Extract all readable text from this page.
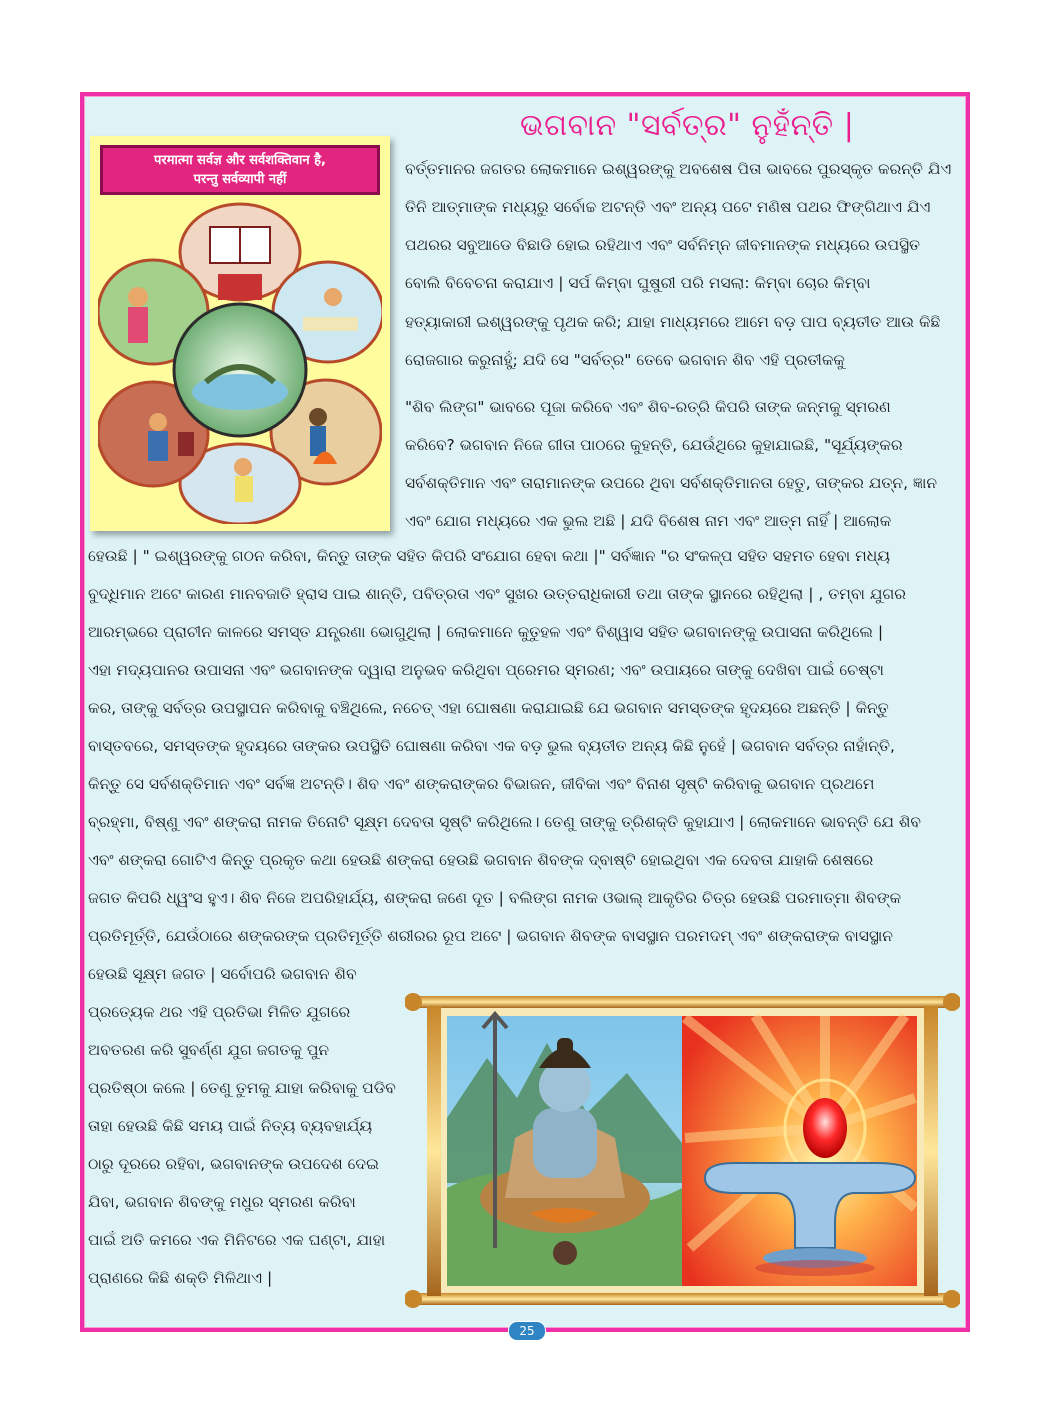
ଭଗବାନ "ସର୍ବତ୍ର" ନୁହଁନ୍ତି |
परमात्मा सर्वज्ञ और सर्वशक्तिवान है,
परन्तु सर्वव्यापी नहीं
ବର୍ତ୍ତମାନର ଜଗତର ଲୋକମାନେ ଇଶ୍ୱରଙ୍କୁ ଅବଶେଷ ପିତା ଭାବରେ ପୁରସ୍କୃତ କରନ୍ତି ଯିଏ
ତିନି ଆତ୍ମାଙ୍କ ମଧ୍ୟରୁ ସର୍ବୋଚ୍ଚ ଅଟନ୍ତି ଏବଂ ଅନ୍ୟ ପଟେ ମଣିଷ ପଥର ଫିଙ୍ଗିଥାଏ ଯିଏ
ପଥରର ସବୁଆଡେ ବିଛାଡି ହୋଇ ରହିଥାଏ ଏବଂ ସର୍ବନିମ୍ନ ଜୀବମାନଙ୍କ ମଧ୍ୟରେ ଉପସ୍ଥିତ
ବୋଲି ବିବେଚନା କରାଯାଏ | ସର୍ପ କିମ୍ବା ଘୁଷୁରୀ ପରି ମସଲା: କିମ୍ବା ଚୋର କିମ୍ବା
ହତ୍ୟାକାରୀ ଇଶ୍ୱରଙ୍କୁ ପୃଥକ କରି; ଯାହା ମାଧ୍ୟମରେ ଆମେ ବଡ଼ ପାପ ବ୍ୟତୀତ ଆଉ କିଛି
ରୋଜଗାର କରୁନାହୁଁ; ଯଦି ସେ "ସର୍ବତ୍ର" ତେବେ ଭଗବାନ ଶିବ ଏହି ପ୍ରତୀକକୁ
"ଶିବ ଲିଙ୍ଗ" ଭାବରେ ପୂଜା କରିବେ ଏବଂ ଶିବ-ରତ୍ରି କିପରି ତାଙ୍କ ଜନ୍ମକୁ ସ୍ମରଣ
କରିବେ? ଭଗବାନ ନିଜେ ଗୀତା ପାଠରେ କୁହନ୍ତି, ଯେଉଁଥିରେ କୁହାଯାଇଛି, "ସୂର୍ଯ୍ୟଙ୍କର
ସର୍ବଶକ୍ତିମାନ ଏବଂ ତାରାମାନଙ୍କ ଉପରେ ଥିବା ସର୍ବଶକ୍ତିମାନତା ହେତୁ, ତାଙ୍କର ଯତ୍ନ, ଜ୍ଞାନ
ଏବଂ ଯୋଗ ମଧ୍ୟରେ ଏକ ଭୁଲ ଅଛି | ଯଦି ବିଶେଷ ନାମ ଏବଂ ଆତ୍ମ ନାହିଁ | ଆଲୋକ
ହେଉଛି | " ଇଶ୍ୱରଙ୍କୁ ଗଠନ କରିବା, କିନ୍ତୁ ତାଙ୍କ ସହିତ କିପରି ସଂଯୋଗ ହେବା କଥା |" ସର୍ବଜ୍ଞାନ "ର ସଂକଳ୍ପ ସହିତ ସହମତ ହେବା ମଧ୍ୟ
ବୁଦ୍ଧିମାନ ଅଟେ କାରଣ ମାନବଜାତି ହ୍ରାସ ପାଇ ଶାନ୍ତି, ପବିତ୍ରତା ଏବଂ ସୁଖର ଉତ୍ତରାଧିକାରୀ ତଥା ତାଙ୍କ ସ୍ଥାନରେ ରହିଥିଲା | , ତମ୍ବା ଯୁଗର
ଆରମ୍ଭରେ ପ୍ରାଚୀନ କାଳରେ ସମସ୍ତ ଯନ୍ତ୍ରଣା ଭୋଗୁଥିଲା | ଲୋକମାନେ କୁତୁହଳ ଏବଂ ବିଶ୍ୱାସ ସହିତ ଭଗବାନଙ୍କୁ ଉପାସନା କରିଥିଲେ |
ଏହା ମଦ୍ୟପାନର ଉପାସନା ଏବଂ ଭଗବାନଙ୍କ ଦ୍ୱାରା ଅନୁଭବ କରିଥିବା ପ୍ରେମର ସ୍ମରଣ; ଏବଂ ଉପାୟରେ ତାଙ୍କୁ ଦେଖିବା ପାଇଁ ଚେଷ୍ଟା
କର, ତାଙ୍କୁ ସର୍ବତ୍ର ଉପସ୍ଥାପନ କରିବାକୁ ବଞ୍ଚିଥିଲେ, ନଚେତ୍ ଏହା ଘୋଷଣା କରାଯାଇଛି ଯେ ଭଗବାନ ସମସ୍ତଙ୍କ ହୃଦୟରେ ଅଛନ୍ତି | କିନ୍ତୁ
ବାସ୍ତବରେ, ସମସ୍ତଙ୍କ ହୃଦୟରେ ତାଙ୍କର ଉପସ୍ଥିତି ଘୋଷଣା କରିବା ଏକ ବଡ଼ ଭୁଲ ବ୍ୟତୀତ ଅନ୍ୟ କିଛି ନୁହେଁ | ଭଗବାନ ସର୍ବତ୍ର ନାହାଁନ୍ତି,
କିନ୍ତୁ ସେ ସର୍ବଶକ୍ତିମାନ ଏବଂ ସର୍ବଜ୍ଞ ଅଟନ୍ତି। ଶିବ ଏବଂ ଶଙ୍କରାଙ୍କର ବିଭାଜନ, ଜୀବିକା ଏବଂ ବିନାଶ ସୃଷ୍ଟି କରିବାକୁ ଭଗବାନ ପ୍ରଥମେ
ବ୍ରହ୍ମା, ବିଷ୍ଣୁ ଏବଂ ଶଙ୍କରା ନାମକ ତିନୋଟି ସୂକ୍ଷ୍ମ ଦେବତା ସୃଷ୍ଟି କରିଥିଲେ। ତେଣୁ ତାଙ୍କୁ ତ୍ରିଶକ୍ତି କୁହାଯାଏ | ଲୋକମାନେ ଭାବନ୍ତି ଯେ ଶିବ
ଏବଂ ଶଙ୍କରା ଗୋଟିଏ କିନ୍ତୁ ପ୍ରକୃତ କଥା ହେଉଛି ଶଙ୍କରା ହେଉଛି ଭଗବାନ ଶିବଙ୍କ ଦ୍ବାଷ୍ଟି ହୋଇଥିବା ଏକ ଦେବତା ଯାହାକି ଶେଷରେ
ଜଗତ କିପରି ଧ୍ୱଂସ ହୁଏ। ଶିବ ନିଜେ ଅପରିହାର୍ଯ୍ୟ, ଶଙ୍କରା ଜଣେ ଦୂତ | ବଲିଙ୍ଗ ନାମକ ଓଭାଲ୍ ଆକୃତିର ଚିତ୍ର ହେଉଛି ପରମାତ୍ମା ଶିବଙ୍କ
ପ୍ରତିମୂର୍ତ୍ତି, ଯେଉଁଠାରେ ଶଙ୍କରଙ୍କ ପ୍ରତିମୂର୍ତ୍ତି ଶରୀରର ରୂପ ଅଟେ | ଭଗବାନ ଶିବଙ୍କ ବାସସ୍ଥାନ ପରମଦମ୍ ଏବଂ ଶଙ୍କରାଙ୍କ ବାସସ୍ଥାନ
ହେଉଛି ସୂକ୍ଷ୍ମ ଜଗତ | ସର୍ବୋପରି ଭଗବାନ ଶିବ
ପ୍ରତ୍ୟେକ ଥର ଏହି ପ୍ରତିଭା ମିଳିତ ଯୁଗରେ
ଅବତରଣ କରି ସୁବର୍ଣ୍ଣ ଯୁଗ ଜଗତକୁ ପୁନ
ପ୍ରତିଷ୍ଠା କଲେ | ତେଣୁ ତୁମକୁ ଯାହା କରିବାକୁ ପଡିବ
ତାହା ହେଉଛି କିଛି ସମୟ ପାଇଁ ନିତ୍ୟ ବ୍ୟବହାର୍ଯ୍ୟ
ଠାରୁ ଦୂରରେ ରହିବା, ଭଗବାନଙ୍କ ଉପଦେଶ ଦେଇ
ଯିବା, ଭଗବାନ ଶିବଙ୍କୁ ମଧୁର ସ୍ମରଣ କରିବା
ପାଇଁ ଅତି କମରେ ଏକ ମିନିଟରେ ଏକ ଘଣ୍ଟା, ଯାହା
ପ୍ରାଣରେ କିଛି ଶକ୍ତି ମିଳିଥାଏ |
25
